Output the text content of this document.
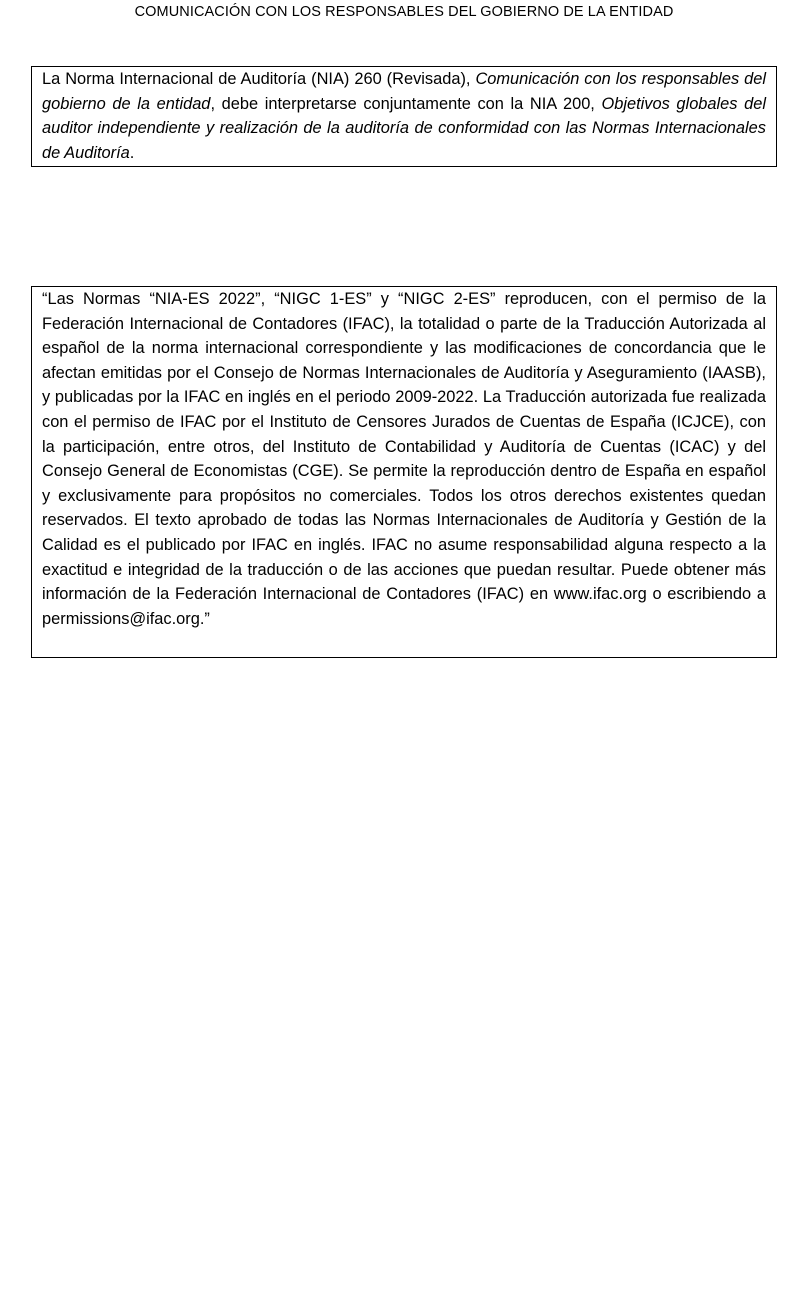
COMUNICACIÓN CON LOS RESPONSABLES DEL GOBIERNO DE LA ENTIDAD

La Norma Internacional de Auditoría (NIA) 260 (Revisada), Comunicación con los responsables del gobierno de la entidad, debe interpretarse conjuntamente con la NIA 200, Objetivos globales del auditor independiente y realización de la auditoría de conformidad con las Normas Internacionales de Auditoría.

“Las Normas “NIA-ES 2022”, “NIGC 1-ES” y “NIGC 2-ES” reproducen, con el permiso de la Federación Internacional de Contadores (IFAC), la totalidad o parte de la Traducción Autorizada al español de la norma internacional correspondiente y las modificaciones de concordancia que le afectan emitidas por el Consejo de Normas Internacionales de Auditoría y Aseguramiento (IAASB), y publicadas por la IFAC en inglés en el periodo 2009-2022. La Traducción autorizada fue realizada con el permiso de IFAC por el Instituto de Censores Jurados de Cuentas de España (ICJCE), con la participación, entre otros, del Instituto de Contabilidad y Auditoría de Cuentas (ICAC) y del Consejo General de Economistas (CGE). Se permite la reproducción dentro de España en español y exclusivamente para propósitos no comerciales. Todos los otros derechos existentes quedan reservados. El texto aprobado de todas las Normas Internacionales de Auditoría y Gestión de la Calidad es el publicado por IFAC en inglés. IFAC no asume responsabilidad alguna respecto a la exactitud e integridad de la traducción o de las acciones que puedan resultar. Puede obtener más información de la Federación Internacional de Contadores (IFAC) en www.ifac.org o escribiendo a permissions@ifac.org.”
